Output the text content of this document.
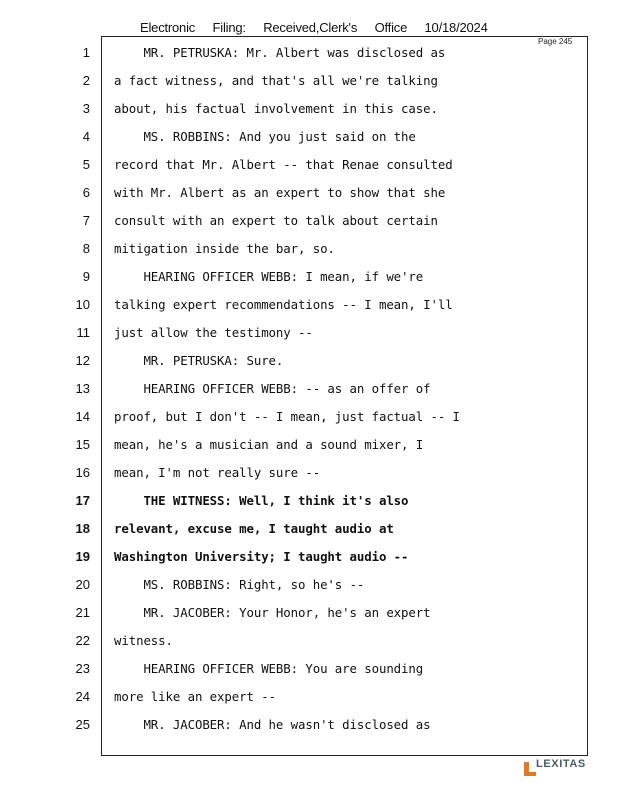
Electronic Filing: Received,Clerk's Office 10/18/2024
Page 245
1 MR. PETRUSKA: Mr. Albert was disclosed as
2 a fact witness, and that's all we're talking
3 about, his factual involvement in this case.
4 MS. ROBBINS: And you just said on the
5 record that Mr. Albert -- that Renae consulted
6 with Mr. Albert as an expert to show that she
7 consult with an expert to talk about certain
8 mitigation inside the bar, so.
9 HEARING OFFICER WEBB: I mean, if we're
10 talking expert recommendations -- I mean, I'll
11 just allow the testimony --
12 MR. PETRUSKA: Sure.
13 HEARING OFFICER WEBB: -- as an offer of
14 proof, but I don't -- I mean, just factual -- I
15 mean, he's a musician and a sound mixer, I
16 mean, I'm not really sure --
17 THE WITNESS: Well, I think it's also
18 relevant, excuse me, I taught audio at
19 Washington University; I taught audio --
20 MS. ROBBINS: Right, so he's --
21 MR. JACOBER: Your Honor, he's an expert
22 witness.
23 HEARING OFFICER WEBB: You are sounding
24 more like an expert --
25 MR. JACOBER: And he wasn't disclosed as
LEXITAS
